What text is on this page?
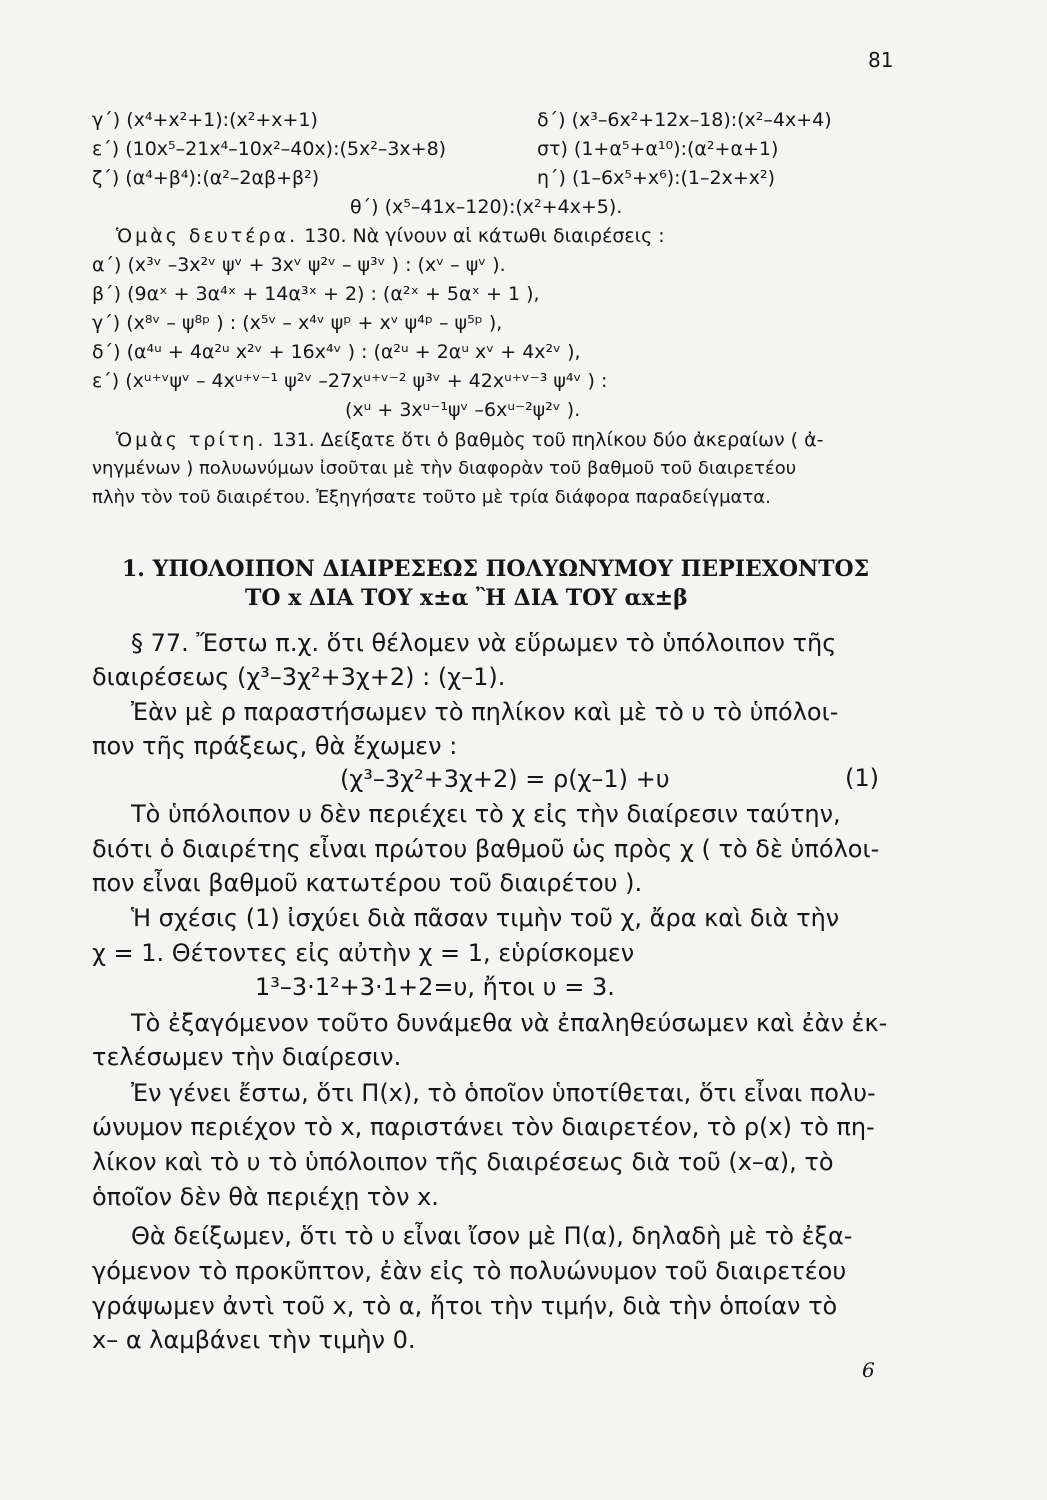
81
γ΄) (x⁴+x²+1):(x²+x+1)	δ΄) (x³–6x²+12x–18):(x²–4x+4)
ε΄) (10x⁵–21x⁴–10x²–40x):(5x²–3x+8)	στ) (1+α⁵+α¹⁰):(α²+α+1)
ζ΄) (α⁴+β⁴):(α²–2αβ+β²)	η΄) (1–6x⁵+x⁶):(1–2x+x²)
θ΄) (x⁵–41x–120):(x²+4x+5).
Ὁμὰς δευτέρα. 130. Νὰ γίνουν αἱ κάτωθι διαιρέσεις :
α΄) (x³ᵛ –3x²ᵛ ψᵛ + 3xᵛ ψ²ᵛ – ψ³ᵛ ) : (xᵛ – ψᵛ ).
β΄) (9αˣ + 3α⁴ˣ + 14α³ˣ + 2) : (α²ˣ + 5αˣ + 1 ),
γ΄) (x⁸ᵛ – ψ⁸ᵖ ) : (x⁵ᵛ – x⁴ᵛ ψᵖ + xᵛ ψ⁴ᵖ – ψ⁵ᵖ ),
δ΄) (α⁴ᵘ + 4α²ᵘ x²ᵛ + 16x⁴ᵛ ) : (α²ᵘ + 2αᵘ xᵛ + 4x²ᵛ ),
ε΄) (xᵘ⁺ᵛψᵛ – 4xᵘ⁺ᵛ⁻¹ ψ²ᵛ –27xᵘ⁺ᵛ⁻² ψ³ᵛ + 42xᵘ⁺ᵛ⁻³ ψ⁴ᵛ ) :
(xᵘ + 3xᵘ⁻¹ψᵛ –6xᵘ⁻²ψ²ᵛ ).
Ὁμὰς τρίτη. 131. Δείξατε ὅτι ὁ βαθμὸς τοῦ πηλίκου δύο ἀκεραίων ( ἀ-
νηγμένων ) πολυωνύμων ἰσοῦται μὲ τὴν διαφορὰν τοῦ βαθμοῦ τοῦ διαιρετέου
πλὴν τὸν τοῦ διαιρέτου. Ἐξηγήσατε τοῦτο μὲ τρία διάφορα παραδείγματα.
1. ΥΠΟΛΟΙΠΟΝ ΔΙΑΙΡΕΣΕΩΣ ΠΟΛΥΩΝΥΜΟΥ ΠΕΡΙΕΧΟΝΤΟΣ
ΤΟ x ΔΙΑ ΤΟΥ x±α Ἢ ΔΙΑ ΤΟΥ αx±β
§ 77. Ἔστω π.χ. ὅτι θέλομεν νὰ εὕρωμεν τὸ ὑπόλοιπον τῆς
διαιρέσεως (χ³–3χ²+3χ+2) : (χ–1).
Ἐὰν μὲ ρ παραστήσωμεν τὸ πηλίκον καὶ μὲ τὸ υ τὸ ὑπόλοι-
πον τῆς πράξεως, θὰ ἔχωμεν :
(χ³–3χ²+3χ+2) = ρ(χ–1) +υ	(1)
Τὸ ὑπόλοιπον υ δὲν περιέχει τὸ χ εἰς τὴν διαίρεσιν ταύτην,
διότι ὁ διαιρέτης εἶναι πρώτου βαθμοῦ ὡς πρὸς χ ( τὸ δὲ ὑπόλοι-
πον εἶναι βαθμοῦ κατωτέρου τοῦ διαιρέτου ).
Ἡ σχέσις (1) ἰσχύει διὰ πᾶσαν τιμὴν τοῦ χ, ἄρα καὶ διὰ τὴν
χ = 1. Θέτοντες εἰς αὐτὴν χ = 1, εὑρίσκομεν
1³–3·1²+3·1+2=υ, ἤτοι υ = 3.
Τὸ ἐξαγόμενον τοῦτο δυνάμεθα νὰ ἐπαληθεύσωμεν καὶ ἐὰν ἐκ-
τελέσωμεν τὴν διαίρεσιν.
Ἐν γένει ἔστω, ὅτι Π(x), τὸ ὁποῖον ὑποτίθεται, ὅτι εἶναι πολυ-
ώνυμον περιέχον τὸ x, παριστάνει τὸν διαιρετέον, τὸ ρ(x) τὸ πη-
λίκον καὶ τὸ υ τὸ ὑπόλοιπον τῆς διαιρέσεως διὰ τοῦ (x–α), τὸ
ὁποῖον δὲν θὰ περιέχῃ τὸν x.
Θὰ δείξωμεν, ὅτι τὸ υ εἶναι ἴσον μὲ Π(α), δηλαδὴ μὲ τὸ ἐξα-
γόμενον τὸ προκῦπτον, ἐὰν εἰς τὸ πολυώνυμον τοῦ διαιρετέου
γράψωμεν ἀντὶ τοῦ x, τὸ α, ἤτοι τὴν τιμήν, διὰ τὴν ὁποίαν τὸ
x– α λαμβάνει τὴν τιμὴν 0.
6
